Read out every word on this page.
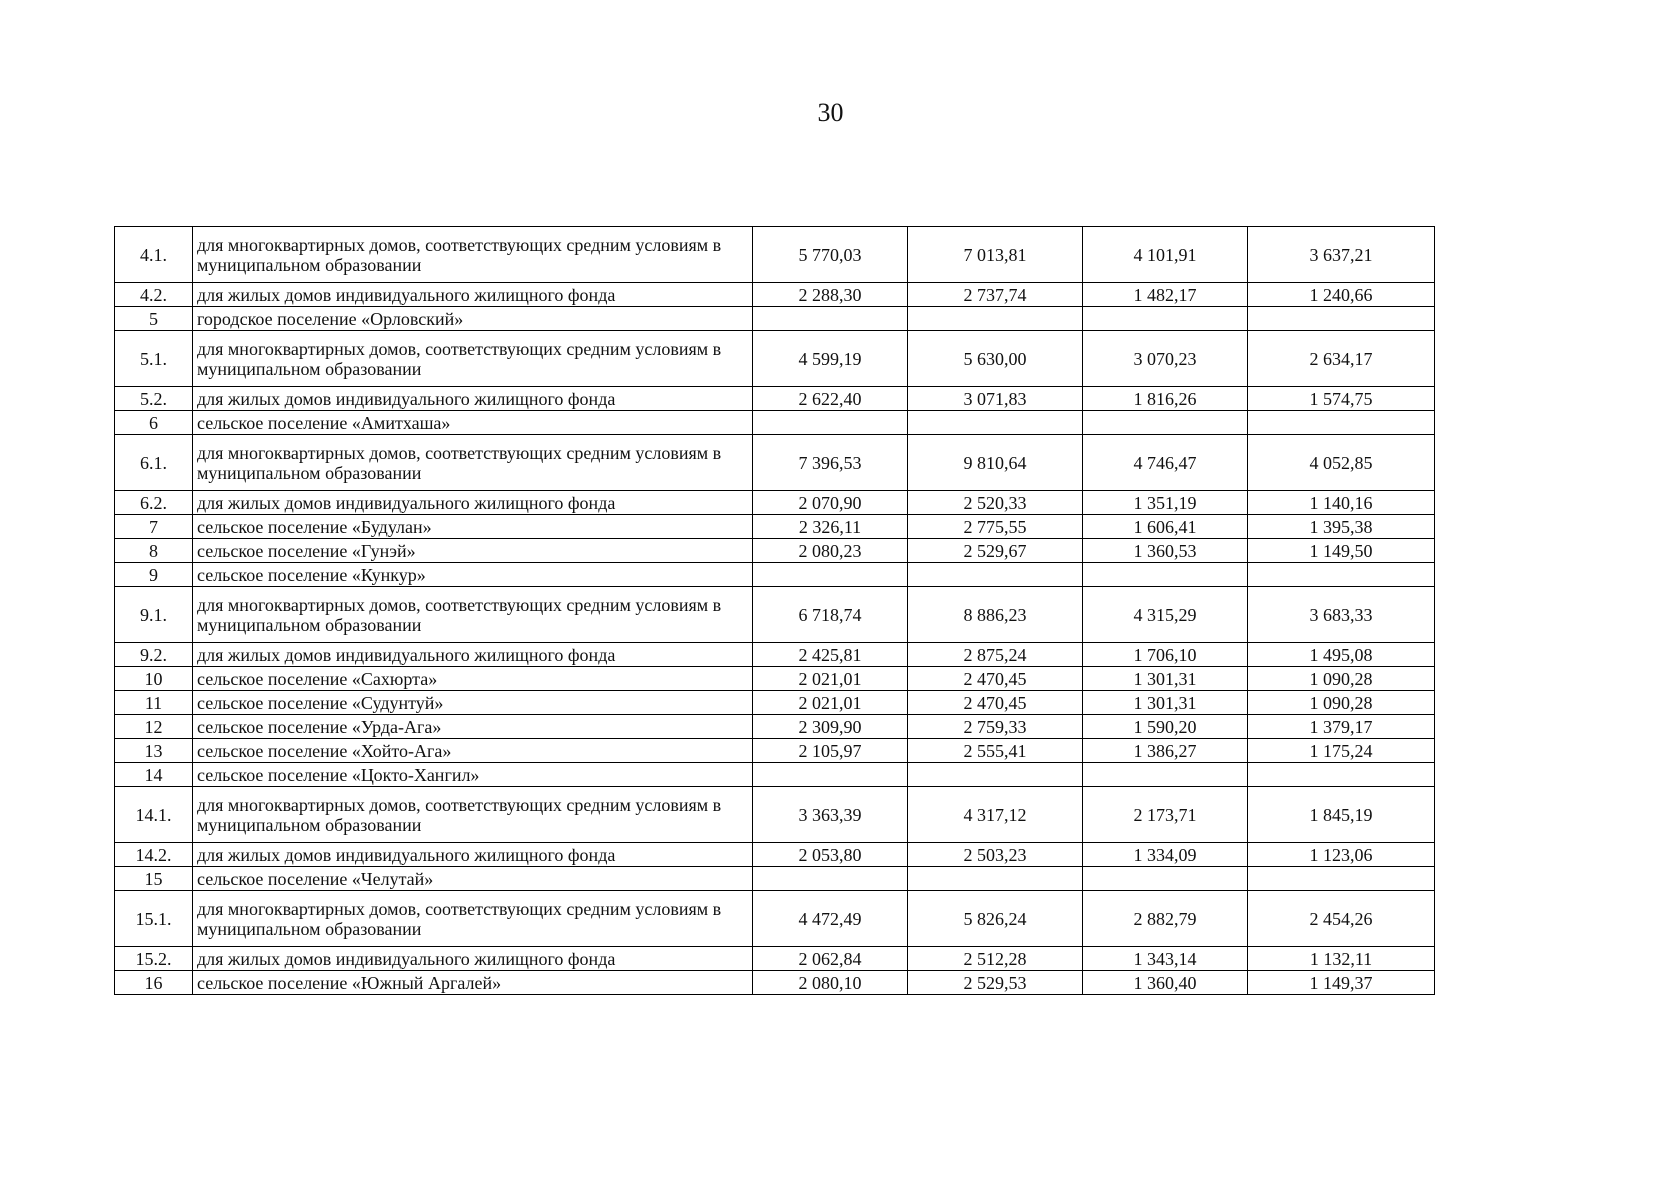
30
4.1.	для многоквартирных домов, соответствующих средним условиям в муниципальном образовании	5 770,03	7 013,81	4 101,91	3 637,21
4.2.	для жилых домов индивидуального жилищного фонда	2 288,30	2 737,74	1 482,17	1 240,66
5	городское поселение «Орловский»				
5.1.	для многоквартирных домов, соответствующих средним условиям в муниципальном образовании	4 599,19	5 630,00	3 070,23	2 634,17
5.2.	для жилых домов индивидуального жилищного фонда	2 622,40	3 071,83	1 816,26	1 574,75
6	сельское поселение «Амитхаша»				
6.1.	для многоквартирных домов, соответствующих средним условиям в муниципальном образовании	7 396,53	9 810,64	4 746,47	4 052,85
6.2.	для жилых домов индивидуального жилищного фонда	2 070,90	2 520,33	1 351,19	1 140,16
7	сельское поселение «Будулан»	2 326,11	2 775,55	1 606,41	1 395,38
8	сельское поселение «Гунэй»	2 080,23	2 529,67	1 360,53	1 149,50
9	сельское поселение «Кункур»				
9.1.	для многоквартирных домов, соответствующих средним условиям в муниципальном образовании	6 718,74	8 886,23	4 315,29	3 683,33
9.2.	для жилых домов индивидуального жилищного фонда	2 425,81	2 875,24	1 706,10	1 495,08
10	сельское поселение «Сахюрта»	2 021,01	2 470,45	1 301,31	1 090,28
11	сельское поселение «Судунтуй»	2 021,01	2 470,45	1 301,31	1 090,28
12	сельское поселение «Урда-Ага»	2 309,90	2 759,33	1 590,20	1 379,17
13	сельское поселение «Хойто-Ага»	2 105,97	2 555,41	1 386,27	1 175,24
14	сельское поселение «Цокто-Хангил»				
14.1.	для многоквартирных домов, соответствующих средним условиям в муниципальном образовании	3 363,39	4 317,12	2 173,71	1 845,19
14.2.	для жилых домов индивидуального жилищного фонда	2 053,80	2 503,23	1 334,09	1 123,06
15	сельское поселение «Челутай»				
15.1.	для многоквартирных домов, соответствующих средним условиям в муниципальном образовании	4 472,49	5 826,24	2 882,79	2 454,26
15.2.	для жилых домов индивидуального жилищного фонда	2 062,84	2 512,28	1 343,14	1 132,11
16	сельское поселение «Южный Аргалей»	2 080,10	2 529,53	1 360,40	1 149,37
